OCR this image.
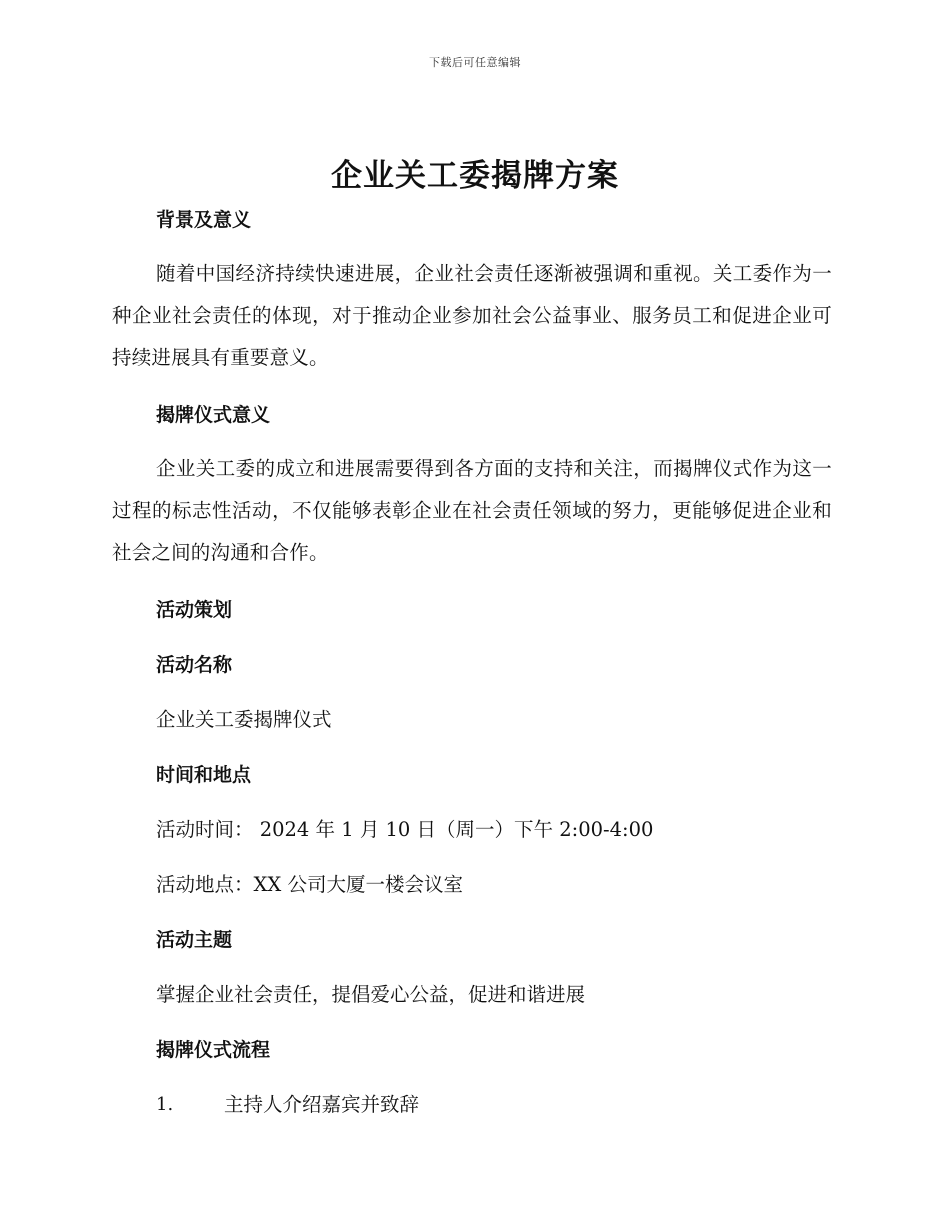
下载后可任意编辑
企业关工委揭牌方案
背景及意义

随着中国经济持续快速进展，企业社会责任逐渐被强调和重视。关工委作为一种企业社会责任的体现，对于推动企业参加社会公益事业、服务员工和促进企业可持续进展具有重要意义。

揭牌仪式意义

企业关工委的成立和进展需要得到各方面的支持和关注，而揭牌仪式作为这一过程的标志性活动，不仅能够表彰企业在社会责任领域的努力，更能够促进企业和社会之间的沟通和合作。

活动策划
活动名称
企业关工委揭牌仪式
时间和地点
活动时间： 2024 年 1 月 10 日（周一）下午 2:00-4:00
活动地点：XX 公司大厦一楼会议室
活动主题
掌握企业社会责任，提倡爱心公益，促进和谐进展
揭牌仪式流程
1.	主持人介绍嘉宾并致辞
